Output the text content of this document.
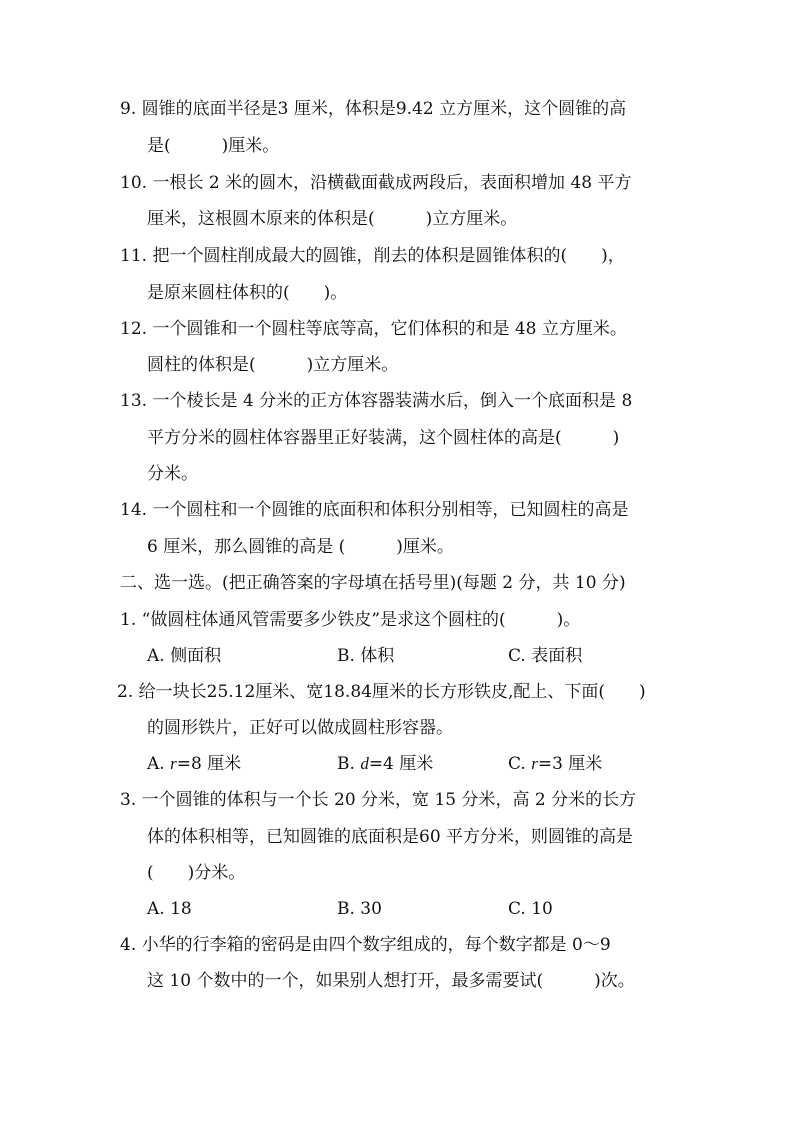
9. 圆锥的底面半径是3 厘米，体积是9.42 立方厘米，这个圆锥的高
是(　　　)厘米。
10. 一根长 2 米的圆木，沿横截面截成两段后，表面积增加 48 平方
厘米，这根圆木原来的体积是(　　　)立方厘米。
11. 把一个圆柱削成最大的圆锥，削去的体积是圆锥体积的(　　)，
是原来圆柱体积的(　　)。
12. 一个圆锥和一个圆柱等底等高，它们体积的和是 48 立方厘米。
圆柱的体积是(　　　)立方厘米。
13. 一个棱长是 4 分米的正方体容器装满水后，倒入一个底面积是 8
平方分米的圆柱体容器里正好装满，这个圆柱体的高是(　　　)
分米。
14. 一个圆柱和一个圆锥的底面积和体积分别相等，已知圆柱的高是
6 厘米，那么圆锥的高是 (　　　)厘米。
二、选一选。(把正确答案的字母填在括号里)(每题 2 分，共 10 分)
1. “做圆柱体通风管需要多少铁皮”是求这个圆柱的(　　　)。
A. 侧面积	B. 体积	C. 表面积
2. 给一块长25.12厘米、宽18.84厘米的长方形铁皮,配上、下面(　　)
的圆形铁片，正好可以做成圆柱形容器。
A. r=8 厘米	B. d=4 厘米	C. r=3 厘米
3. 一个圆锥的体积与一个长 20 分米，宽 15 分米，高 2 分米的长方
体的体积相等，已知圆锥的底面积是60 平方分米，则圆锥的高是
(　　)分米。
A. 18	B. 30	C. 10
4. 小华的行李箱的密码是由四个数字组成的，每个数字都是 0～9
这 10 个数中的一个，如果别人想打开，最多需要试(　　　)次。
